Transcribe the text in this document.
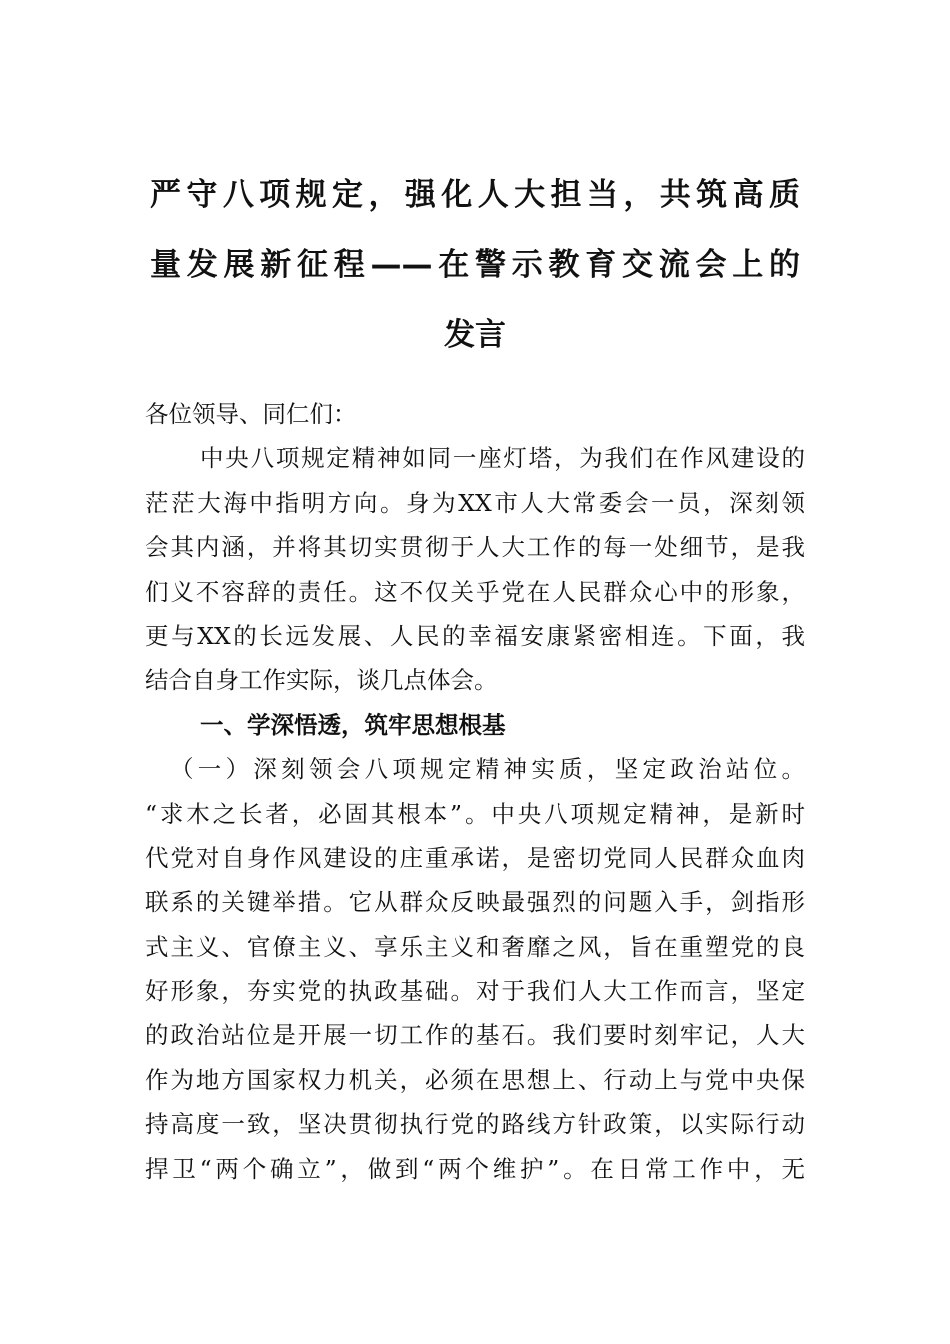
严守八项规定，强化人大担当，共筑高质
量发展新征程——在警示教育交流会上的
发言
各位领导、同仁们：
中央八项规定精神如同一座灯塔，为我们在作风建设的
茫茫大海中指明方向。身为XX市人大常委会一员，深刻领
会其内涵，并将其切实贯彻于人大工作的每一处细节，是我
们义不容辞的责任。这不仅关乎党在人民群众心中的形象，
更与XX的长远发展、人民的幸福安康紧密相连。下面，我
结合自身工作实际，谈几点体会。
一、学深悟透，筑牢思想根基
（一）深刻领会八项规定精神实质，坚定政治站位。
“求木之长者，必固其根本”。中央八项规定精神，是新时
代党对自身作风建设的庄重承诺，是密切党同人民群众血肉
联系的关键举措。它从群众反映最强烈的问题入手，剑指形
式主义、官僚主义、享乐主义和奢靡之风，旨在重塑党的良
好形象，夯实党的执政基础。对于我们人大工作而言，坚定
的政治站位是开展一切工作的基石。我们要时刻牢记，人大
作为地方国家权力机关，必须在思想上、行动上与党中央保
持高度一致，坚决贯彻执行党的路线方针政策，以实际行动
捍卫“两个确立”，做到“两个维护”。在日常工作中，无
